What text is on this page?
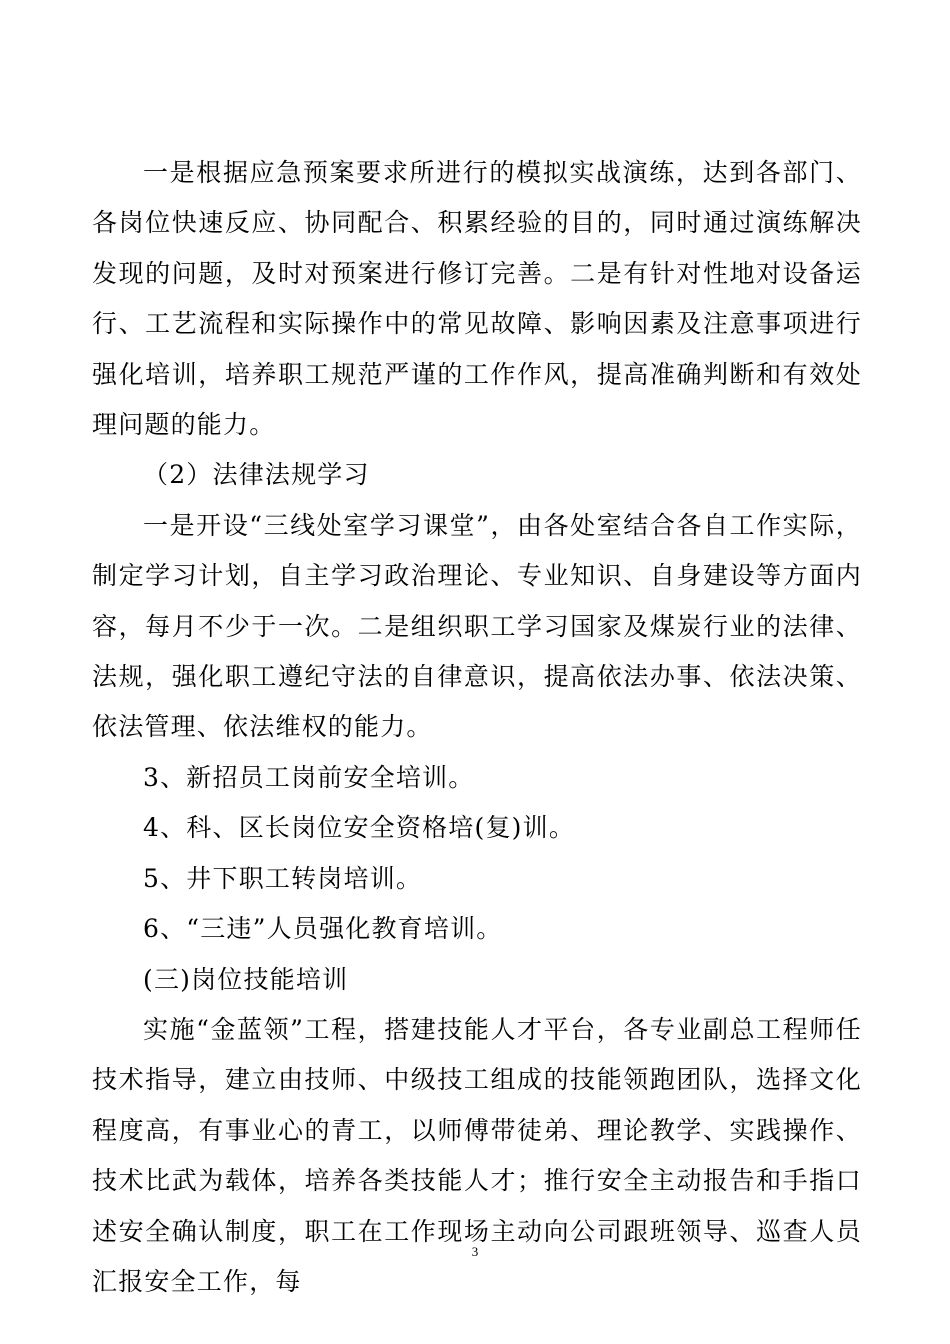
一是根据应急预案要求所进行的模拟实战演练，达到各部门、各岗位快速反应、协同配合、积累经验的目的，同时通过演练解决发现的问题，及时对预案进行修订完善。二是有针对性地对设备运行、工艺流程和实际操作中的常见故障、影响因素及注意事项进行强化培训，培养职工规范严谨的工作作风，提高准确判断和有效处理问题的能力。

（2）法律法规学习

一是开设“三线处室学习课堂”，由各处室结合各自工作实际，制定学习计划，自主学习政治理论、专业知识、自身建设等方面内容，每月不少于一次。二是组织职工学习国家及煤炭行业的法律、法规，强化职工遵纪守法的自律意识，提高依法办事、依法决策、依法管理、依法维权的能力。

3、新招员工岗前安全培训。

4、科、区长岗位安全资格培(复)训。

5、井下职工转岗培训。

6、“三违”人员强化教育培训。

(三)岗位技能培训

实施“金蓝领”工程，搭建技能人才平台，各专业副总工程师任技术指导，建立由技师、中级技工组成的技能领跑团队，选择文化程度高，有事业心的青工，以师傅带徒弟、理论教学、实践操作、技术比武为载体，培养各类技能人才；推行安全主动报告和手指口述安全确认制度，职工在工作现场主动向公司跟班领导、巡查人员汇报安全工作，每

3
